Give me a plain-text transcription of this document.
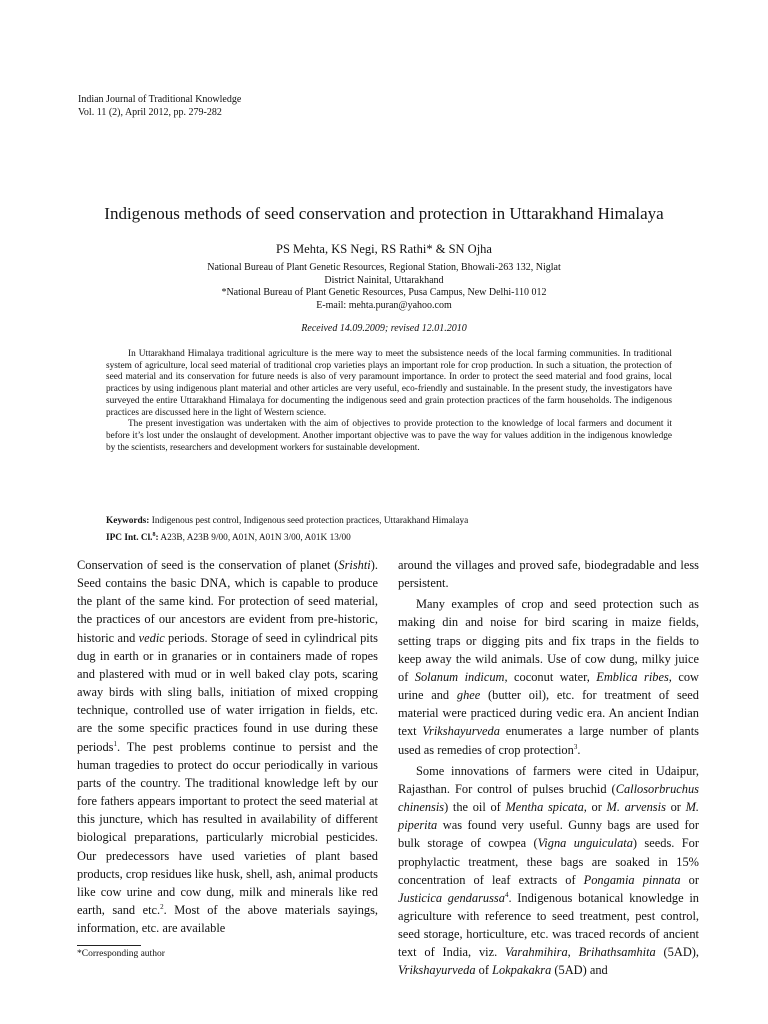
Indian Journal of Traditional Knowledge
Vol. 11 (2), April 2012, pp. 279-282
Indigenous methods of seed conservation and protection in Uttarakhand Himalaya
PS Mehta, KS Negi, RS Rathi* & SN Ojha
National Bureau of Plant Genetic Resources, Regional Station, Bhowali-263 132, Niglat
District Nainital, Uttarakhand
*National Bureau of Plant Genetic Resources, Pusa Campus, New Delhi-110 012
E-mail: mehta.puran@yahoo.com
Received 14.09.2009; revised 12.01.2010

In Uttarakhand Himalaya traditional agriculture is the mere way to meet the subsistence needs of the local farming communities. In traditional system of agriculture, local seed material of traditional crop varieties plays an important role for crop production. In such a situation, the protection of seed material and its conservation for future needs is also of very paramount importance. In order to protect the seed material and food grains, local practices by using indigenous plant material and other articles are very useful, eco-friendly and sustainable. In the present study, the investigators have surveyed the entire Uttarakhand Himalaya for documenting the indigenous seed and grain protection practices of the farm households. The indigenous practices are discussed here in the light of Western science.

The present investigation was undertaken with the aim of objectives to provide protection to the knowledge of local farmers and document it before it’s lost under the onslaught of development. Another important objective was to pave the way for values addition in the indigenous knowledge by the scientists, researchers and development workers for sustainable development.

Keywords: Indigenous pest control, Indigenous seed protection practices, Uttarakhand Himalaya
IPC Int. Cl.$^8$: A23B, A23B 9/00, A01N, A01N 3/00, A01K 13/00

Conservation of seed is the conservation of planet (Srishti). Seed contains the basic DNA, which is capable to produce the plant of the same kind. For protection of seed material, the practices of our ancestors are evident from pre-historic, historic and vedic periods. Storage of seed in cylindrical pits dug in earth or in granaries or in containers made of ropes and plastered with mud or in well baked clay pots, scaring away birds with sling balls, initiation of mixed cropping technique, controlled use of water irrigation in fields, etc. are the some specific practices found in use during these periods$^1$. The pest problems continue to persist and the human tragedies to protect do occur periodically in various parts of the country. The traditional knowledge left by our fore fathers appears important to protect the seed material at this juncture, which has resulted in availability of different biological preparations, particularly microbial pesticides. Our predecessors have used varieties of plant based products, crop residues like husk, shell, ash, animal products like cow urine and cow dung, milk and minerals like red earth, sand etc.$^2$. Most of the above materials sayings, information, etc. are available

around the villages and proved safe, biodegradable and less persistent.

Many examples of crop and seed protection such as making din and noise for bird scaring in maize fields, setting traps or digging pits and fix traps in the fields to keep away the wild animals. Use of cow dung, milky juice of Solanum indicum, coconut water, Emblica ribes, cow urine and ghee (butter oil), etc. for treatment of seed material were practiced during vedic era. An ancient Indian text Vrikshayurveda enumerates a large number of plants used as remedies of crop protection$^3$.

Some innovations of farmers were cited in Udaipur, Rajasthan. For control of pulses bruchid (Callosorbruchus chinensis) the oil of Mentha spicata, or M. arvensis or M. piperita was found very useful. Gunny bags are used for bulk storage of cowpea (Vigna unguiculata) seeds. For prophylactic treatment, these bags are soaked in 15% concentration of leaf extracts of Pongamia pinnata or Justicica gendarussa$^4$. Indigenous botanical knowledge in agriculture with reference to seed treatment, pest control, seed storage, horticulture, etc. was traced records of ancient text of India, viz. Varahmihira, Brihathsamhita (5AD), Vrikshayurveda of Lokpakakra (5AD) and

*Corresponding author
